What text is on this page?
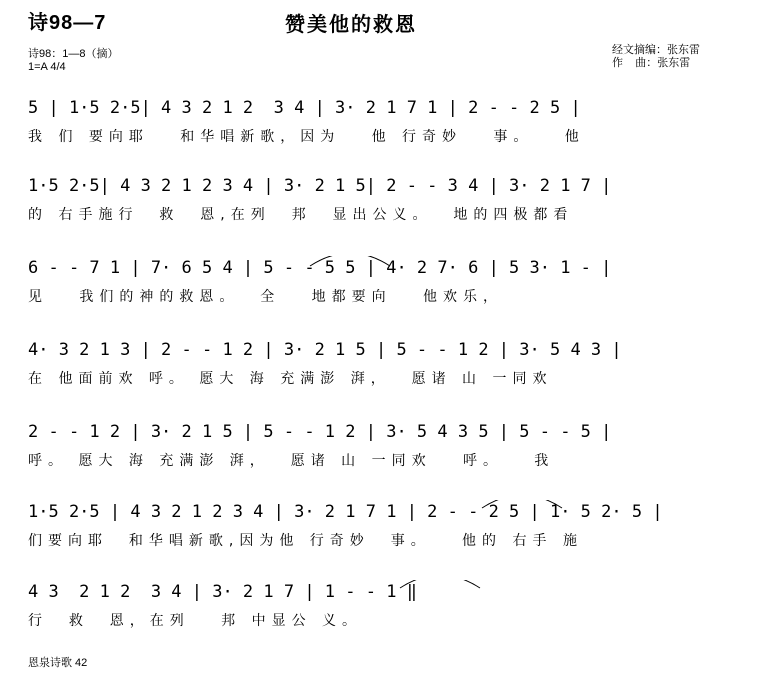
诗98—7	赞美他的救恩
诗98：1—8（摘）
1=A 4/4
经文摘编：张东雷
作    曲：张东雷
5 | 1·5 2·5| 4 3 2 1 2  3 4 | 3· 2 1 7 1 | 2 - - 2 5 |
我 们 要向耶   和华唱新歌，因为   他 行奇妙   事。   他
1·5 2·5| 4 3 2 1 2 3 4 | 3· 2 1 5| 2 - - 3 4 | 3· 2 1 7 |
的 右手施行  救  恩,在列  邦  显出公义。  地的四极都看
6 - - 7 1 | 7· 6 5 4 | 5 - - 5 5 | 4· 2 7· 6 | 5 3· 1 - |
见   我们的神的救恩。  全   地都要向   他欢乐，
4· 3 2 1 3 | 2 - - 1 2 | 3· 2 1 5 | 5 - - 1 2 | 3· 5 4 3 |
在 他面前欢 呼。 愿大 海 充满澎 湃，  愿诸 山 一同欢
2 - - 1 2 | 3· 2 1 5 | 5 - - 1 2 | 3· 5 4 3 5 | 5 - - 5 |
呼。 愿大 海 充满澎 湃，  愿诸 山 一同欢   呼。   我
1·5 2·5 | 4 3 2 1 2 3 4 | 3· 2 1 7 1 | 2 - - 2 5 | 1· 5 2· 5 |
们要向耶  和华唱新歌,因为他 行奇妙  事。   他的 右手 施
4 3  2 1 2  3 4 | 3· 2 1 7 | 1 - - 1 ‖
行  救  恩，在列   邦 中显公 义。
恩泉诗歌 42
